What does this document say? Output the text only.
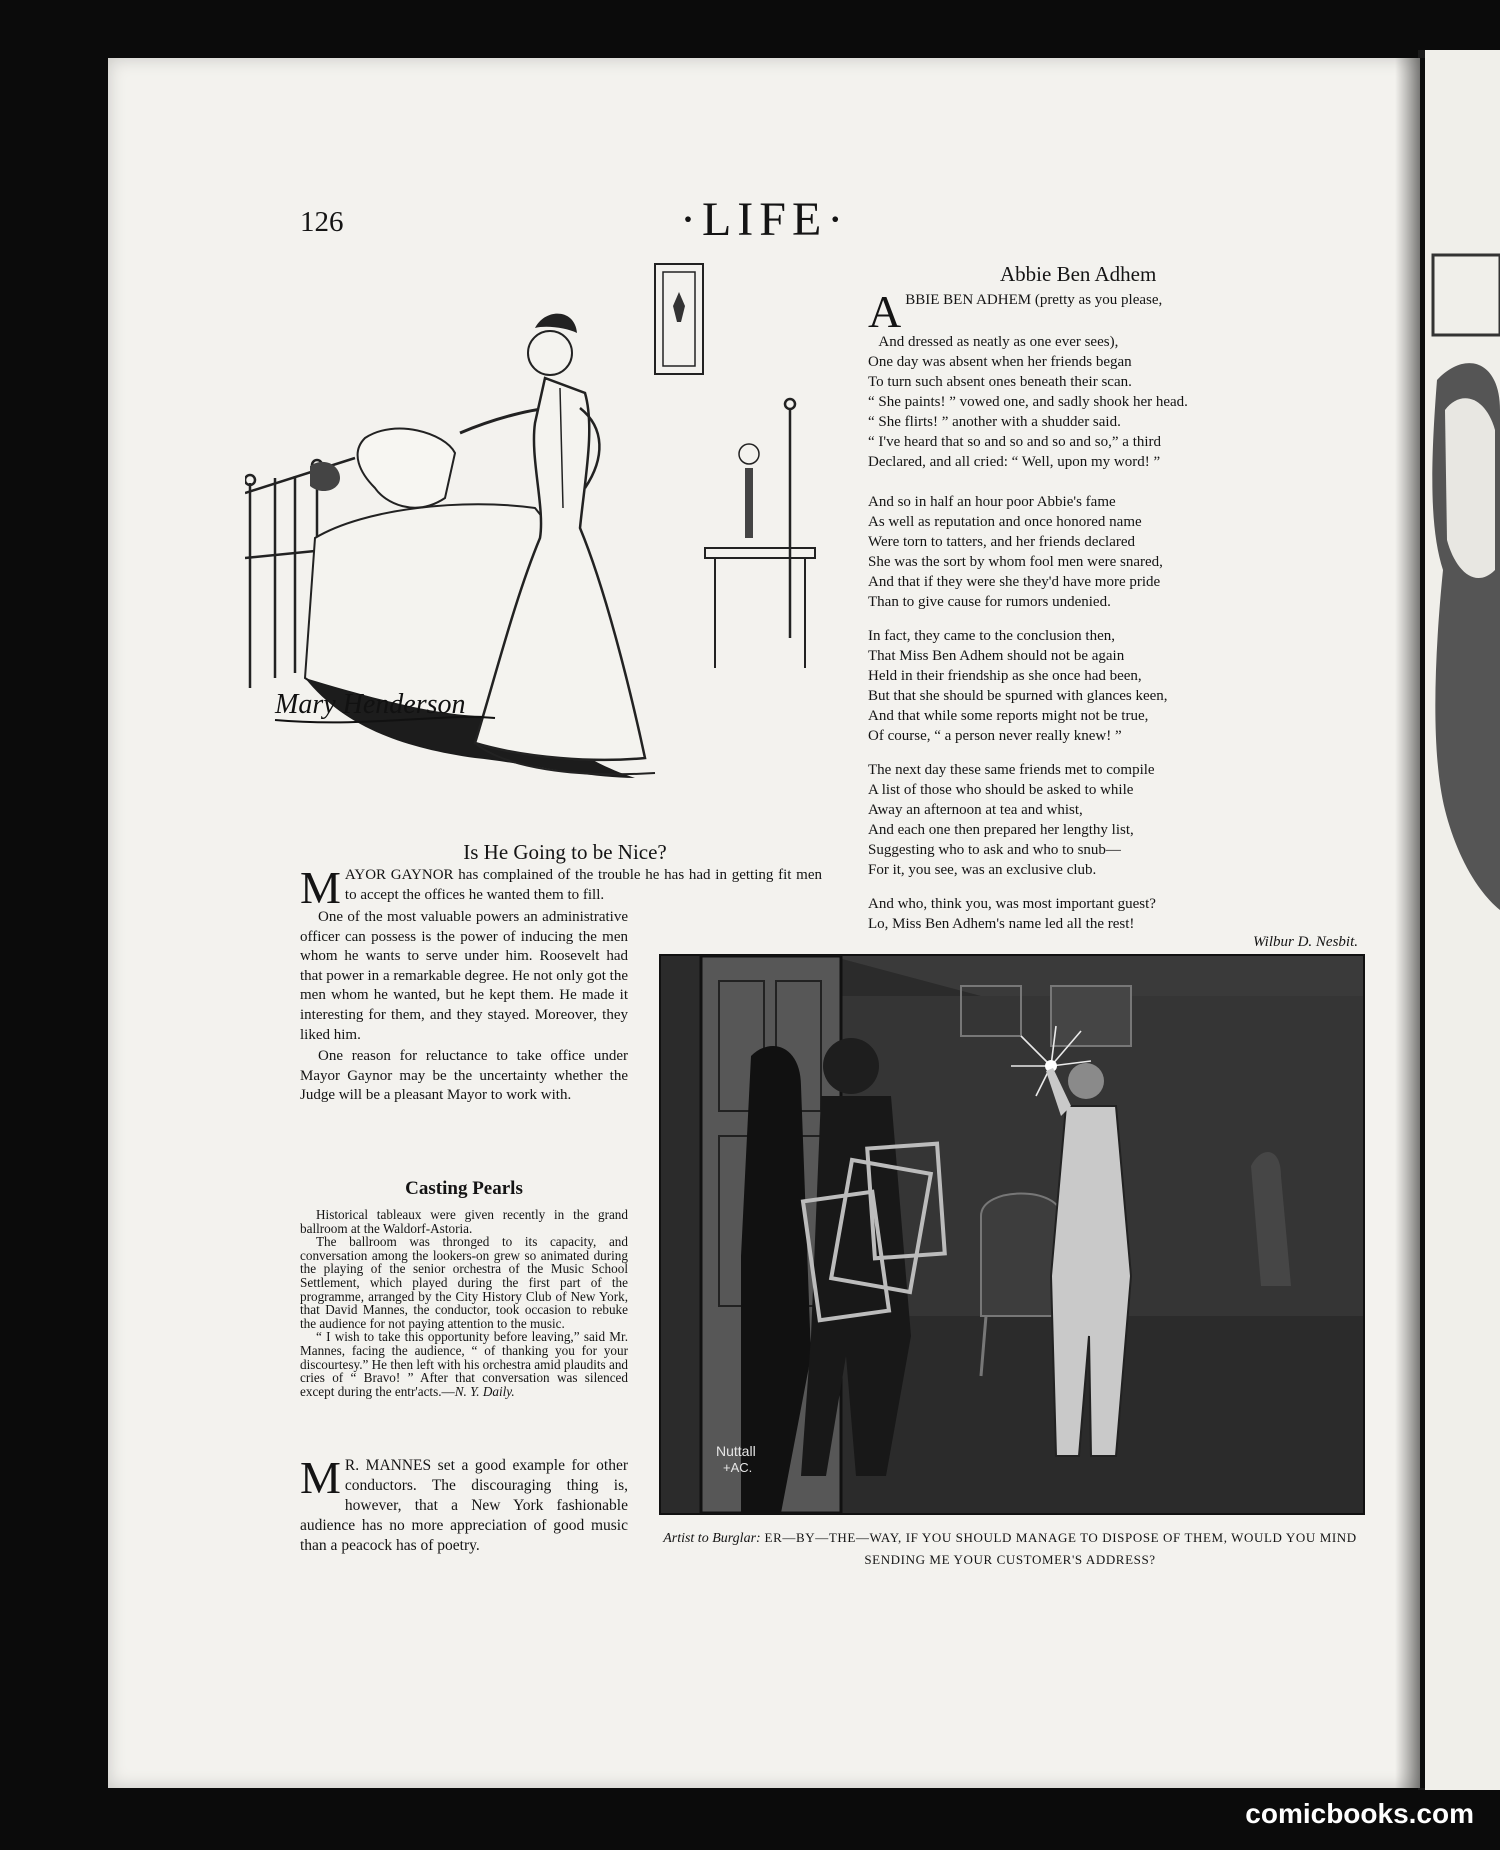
126	·LIFE·
Mary Henderson
Abbie Ben Adhem
A BBIE BEN ADHEM (pretty as you please,
And dressed as neatly as one ever sees),
One day was absent when her friends began
To turn such absent ones beneath their scan.
“ She paints! ” vowed one, and sadly shook her head.
“ She flirts! ” another with a shudder said.
“ I've heard that so and so and so and so,” a third
Declared, and all cried: “ Well, upon my word! ”
And so in half an hour poor Abbie's fame
As well as reputation and once honored name
Were torn to tatters, and her friends declared
She was the sort by whom fool men were snared,
And that if they were she they'd have more pride
Than to give cause for rumors undenied.
In fact, they came to the conclusion then,
That Miss Ben Adhem should not be again
Held in their friendship as she once had been,
But that she should be spurned with glances keen,
And that while some reports might not be true,
Of course, “ a person never really knew! ”
The next day these same friends met to compile
A list of those who should be asked to while
Away an afternoon at tea and whist,
And each one then prepared her lengthy list,
Suggesting who to ask and who to snub—
For it, you see, was an exclusive club.
And who, think you, was most important guest?
Lo, Miss Ben Adhem's name led all the rest!
Wilbur D. Nesbit.
Is He Going to be Nice?
M AYOR GAYNOR has complained of the trouble he has had in getting fit men to accept the offices he wanted them to fill.
One of the most valuable powers an administrative officer can possess is the power of inducing the men whom he wants to serve under him. Roosevelt had that power in a remarkable degree. He not only got the men whom he wanted, but he kept them. He made it interesting for them, and they stayed. Moreover, they liked him.
One reason for reluctance to take office under Mayor Gaynor may be the uncertainty whether the Judge will be a pleasant Mayor to work with.
Casting Pearls
Historical tableaux were given recently in the grand ballroom at the Waldorf-Astoria.
The ballroom was thronged to its capacity, and conversation among the lookers-on grew so animated during the playing of the senior orchestra of the Music School Settlement, which played during the first part of the programme, arranged by the City History Club of New York, that David Mannes, the conductor, took occasion to rebuke the audience for not paying attention to the music.
“ I wish to take this opportunity before leaving,” said Mr. Mannes, facing the audience, “ of thanking you for your discourtesy.” He then left with his orchestra amid plaudits and cries of “ Bravo! ” After that conversation was silenced except during the entr'acts.—N. Y. Daily.
M R. MANNES set a good example for other conductors. The discouraging thing is, however, that a New York fashionable audience has no more appreciation of good music than a peacock has of poetry.
Nuttall
+AC.
Artist to Burglar: ER—BY—THE—WAY, IF YOU SHOULD MANAGE TO DISPOSE OF THEM, WOULD YOU MIND SENDING ME YOUR CUSTOMER'S ADDRESS?
comicbooks.com
